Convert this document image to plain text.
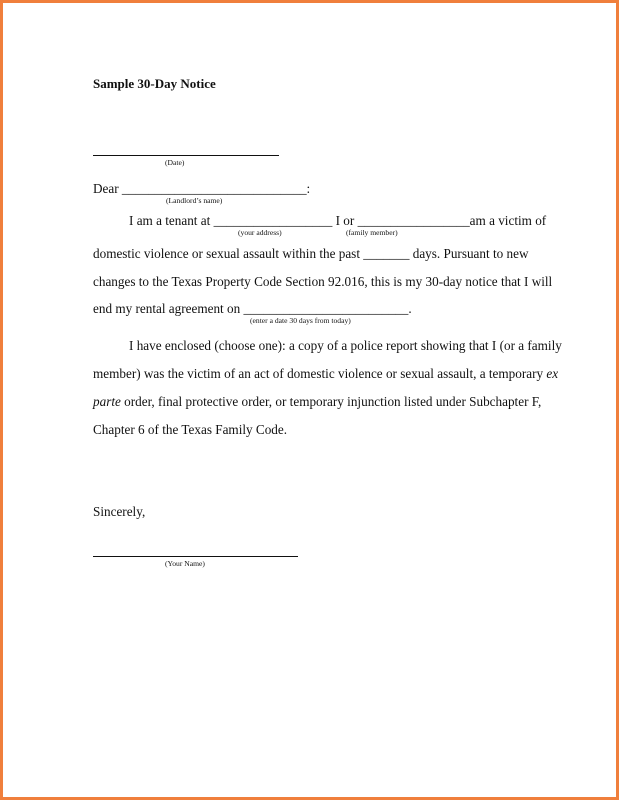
Sample 30-Day Notice
(Date)
Dear ____________________________:
(Landlord’s name)
I am a tenant at __________________ I or _________________am a victim of
(your address)	(family member)
domestic violence or sexual assault within the past _______ days. Pursuant to new
changes to the Texas Property Code Section 92.016, this is my 30-day notice that I will
end my rental agreement on _________________________.
(enter a date 30 days from today)
I have enclosed (choose one): a copy of a police report showing that I (or a family
member) was the victim of an act of domestic violence or sexual assault, a temporary ex
parte order, final protective order, or temporary injunction listed under Subchapter F,
Chapter 6 of the Texas Family Code.
Sincerely,
(Your Name)
